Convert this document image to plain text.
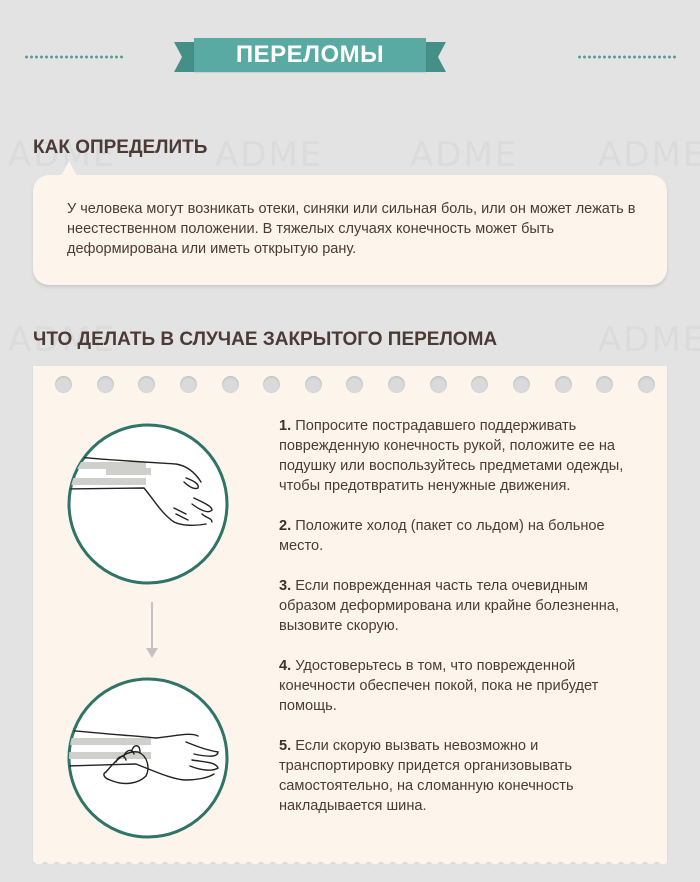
ПЕРЕЛОМЫ
КАК ОПРЕДЕЛИТЬ
У человека могут возникать отеки, синяки или сильная боль, или он может лежать в неестественном положении. В тяжелых случаях конечность может быть деформирована или иметь открытую рану.
ЧТО ДЕЛАТЬ В СЛУЧАЕ ЗАКРЫТОГО ПЕРЕЛОМА
1. Попросите пострадавшего поддерживать поврежденную конечность рукой, положите ее на подушку или воспользуйтесь предметами одежды, чтобы предотвратить ненужные движения.
2. Положите холод (пакет со льдом) на больное место.
3. Если поврежденная часть тела очевидным образом деформирована или крайне болезненна, вызовите скорую.
4. Удостоверьтесь в том, что поврежденной конечности обеспечен покой, пока не прибудет помощь.
5. Если скорую вызвать невозможно и транспортировку придется организовывать самостоятельно, на сломанную конечность накладывается шина.
